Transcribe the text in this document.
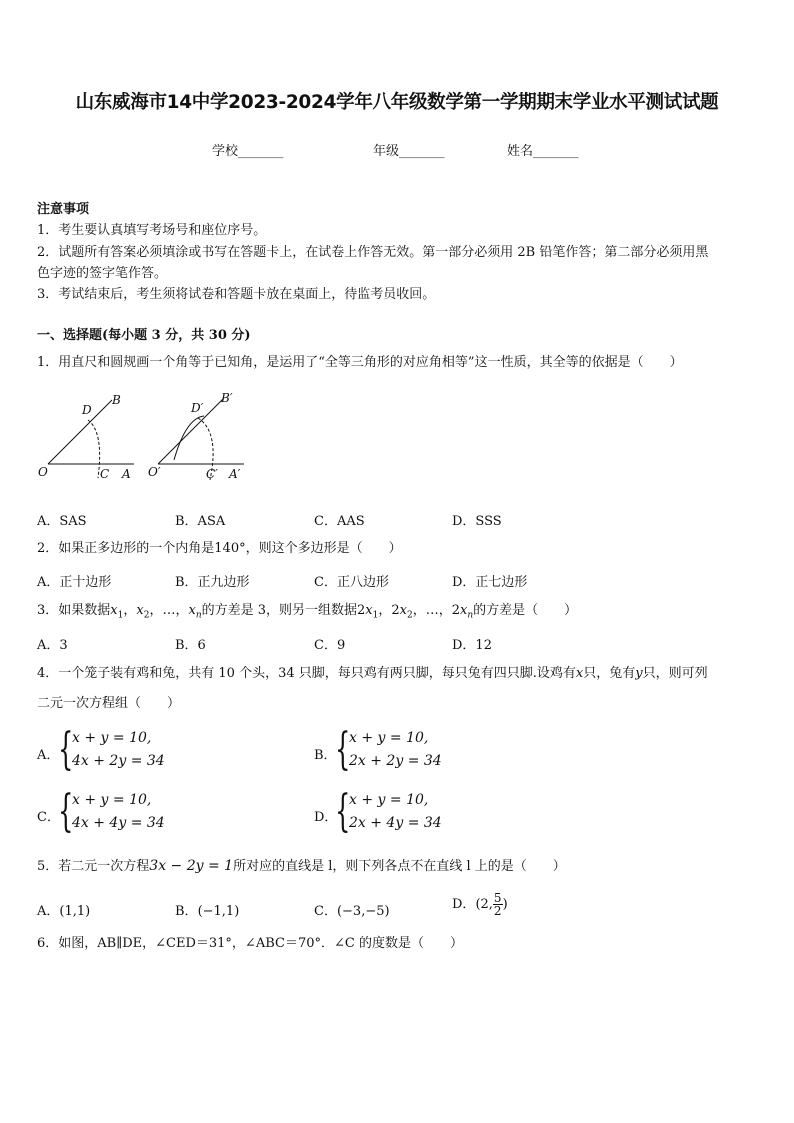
山东威海市14中学2023-2024学年八年级数学第一学期期末学业水平测试试题
学校_______	年级_______	姓名_______
注意事项
1．考生要认真填写考场号和座位序号。
2．试题所有答案必须填涂或书写在答题卡上，在试卷上作答无效。第一部分必须用 2B 铅笔作答；第二部分必须用黑
色字迹的签字笔作答。
3．考试结束后，考生须将试卷和答题卡放在桌面上，待监考员收回。
一、选择题(每小题 3 分，共 30 分)
1．用直尺和圆规画一个角等于已知角，是运用了“全等三角形的对应角相等”这一性质，其全等的依据是（　　）
D
B
O	C A
D′
B′
O′	C′ A′
A．SAS	B．ASA	C．AAS	D．SSS
2．如果正多边形的一个内角是140°，则这个多边形是（　　）
A．正十边形	B．正九边形	C．正八边形	D．正七边形
3．如果数据$x_1$，$x_2$，…，$x_n$的方差是 3，则另一组数据$2x_1$，$2x_2$，…，$2x_n$的方差是（　　）
A．3	B．6	C．9	D．12
4．一个笼子装有鸡和兔，共有 10 个头，34 只脚，每只鸡有两只脚，每只兔有四只脚.设鸡有x只，兔有y只，则可列
二元一次方程组（　　）
A．
{
x + y = 10,
4x + 2y = 34	B．
{
x + y = 10,
2x + 2y = 34
C．
{
x + y = 10,
4x + 4y = 34	D．
{
x + y = 10,
2x + 4y = 34
5．若二元一次方程3x − 2y = 1所对应的直线是 l，则下列各点不在直线 l 上的是（　　）
A．(1,1)	B．(−1,1)	C．(−3,−5)	D．(2, $\frac{5}{2}$ )
6．如图，AB∥DE，∠CED＝31°，∠ABC＝70°．∠C 的度数是（　　）
